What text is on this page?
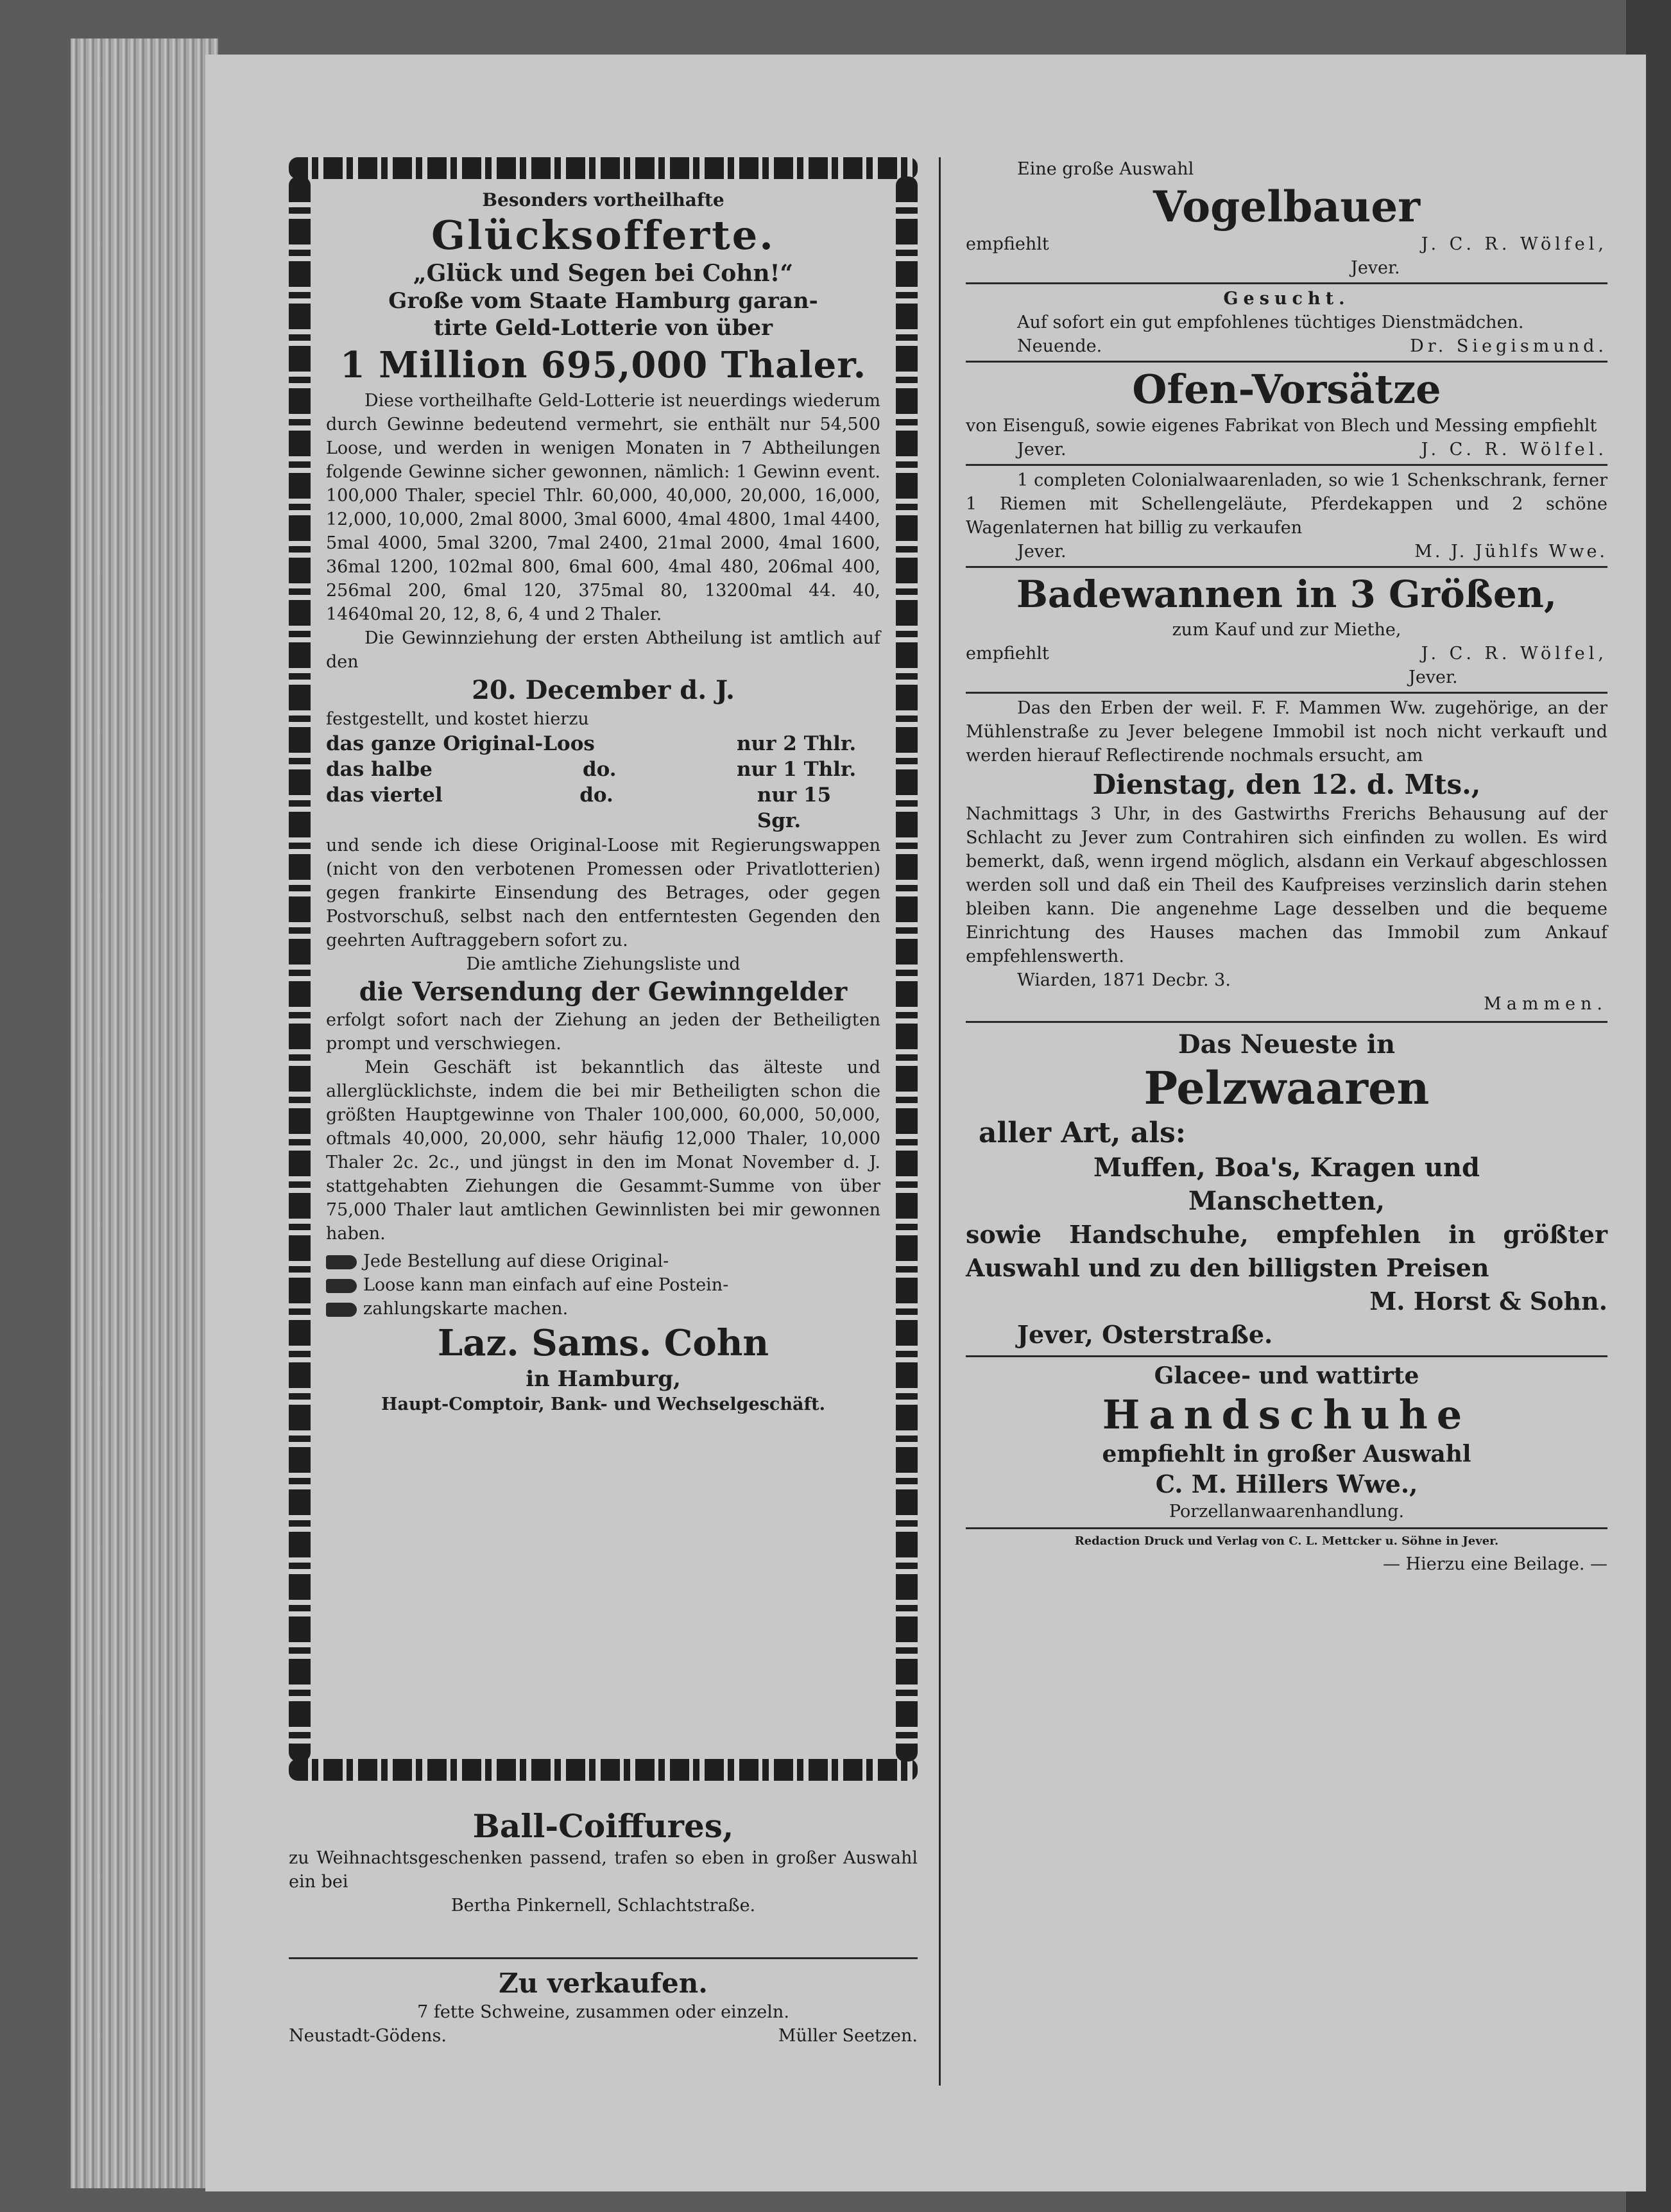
Besonders vortheilhafte

Glücksofferte.

„Glück und Segen bei Cohn!“

Große vom Staate Hamburg garan-

tirte Geld-Lotterie von über

1 Million 695,000 Thaler.

Diese vortheilhafte Geld-Lotterie ist neuerdings wiederum durch Gewinne bedeutend vermehrt, sie enthält nur 54,500 Loose, und werden in wenigen Monaten in 7 Abtheilungen folgende Gewinne sicher gewonnen, nämlich: 1 Gewinn event. 100,000 Thaler, speciel Thlr. 60,000, 40,000, 20,000, 16,000, 12,000, 10,000, 2mal 8000, 3mal 6000, 4mal 4800, 1mal 4400, 5mal 4000, 5mal 3200, 7mal 2400, 21mal 2000, 4mal 1600, 36mal 1200, 102mal 800, 6mal 600, 4mal 480, 206mal 400, 256mal 200, 6mal 120, 375mal 80, 13200mal 44. 40, 14640mal 20, 12, 8, 6, 4 und 2 Thaler.

Die Gewinnziehung der ersten Abtheilung ist amtlich auf den

20. December d. J.

festgestellt, und kostet hierzu

das ganze Original-Loos	nur 2 Thlr.
das halbe	do.	nur 1 Thlr.
das viertel	do.	nur 15 Sgr.

und sende ich diese Original-Loose mit Regierungswappen (nicht von den verbotenen Promessen oder Privatlotterien) gegen frankirte Einsendung des Betrages, oder gegen Postvorschuß, selbst nach den entferntesten Gegenden den geehrten Auftraggebern sofort zu.

Die amtliche Ziehungsliste und

die Versendung der Gewinngelder

erfolgt sofort nach der Ziehung an jeden der Betheiligten prompt und verschwiegen.

Mein Geschäft ist bekanntlich das älteste und allerglücklichste, indem die bei mir Betheiligten schon die größten Hauptgewinne von Thaler 100,000, 60,000, 50,000, oftmals 40,000, 20,000, sehr häufig 12,000 Thaler, 10,000 Thaler 2c. 2c., und jüngst in den im Monat November d. J. stattgehabten Ziehungen die Gesammt-Summe von über 75,000 Thaler laut amtlichen Gewinnlisten bei mir gewonnen haben.

Jede Bestellung auf diese Original-

Loose kann man einfach auf eine Postein-

zahlungskarte machen.

Laz. Sams. Cohn

in Hamburg,

Haupt-Comptoir, Bank- und Wechselgeschäft.

Ball-Coiffures,

zu Weihnachtsgeschenken passend, trafen so eben in großer Auswahl ein bei

Bertha Pinkernell, Schlachtstraße.

Zu verkaufen.

7 fette Schweine, zusammen oder einzeln.

Neustadt-Gödens.	Müller Seetzen.

Eine große Auswahl

Vogelbauer

empfiehlt	J. C. R. Wölfel,

Jever.

Gesucht.

Auf sofort ein gut empfohlenes tüchtiges Dienstmädchen.

Neuende.	Dr. Siegismund.

Ofen-Vorsätze

von Eisenguß, sowie eigenes Fabrikat von Blech und Messing empfiehlt

Jever.	J. C. R. Wölfel.

1 completen Colonialwaarenladen, so wie 1 Schenkschrank, ferner 1 Riemen mit Schellengeläute, Pferdekappen und 2 schöne Wagenlaternen hat billig zu verkaufen

Jever.	M. J. Jühlfs Wwe.

Badewannen in 3 Größen,

zum Kauf und zur Miethe,

empfiehlt	J. C. R. Wölfel,

Jever.

Das den Erben der weil. F. F. Mammen Ww. zugehörige, an der Mühlenstraße zu Jever belegene Immobil ist noch nicht verkauft und werden hierauf Reflectirende nochmals ersucht, am

Dienstag, den 12. d. Mts.,

Nachmittags 3 Uhr, in des Gastwirths Frerichs Behausung auf der Schlacht zu Jever zum Contrahiren sich einfinden zu wollen. Es wird bemerkt, daß, wenn irgend möglich, alsdann ein Verkauf abgeschlossen werden soll und daß ein Theil des Kaufpreises verzinslich darin stehen bleiben kann. Die angenehme Lage desselben und die bequeme Einrichtung des Hauses machen das Immobil zum Ankauf empfehlenswerth.

Wiarden, 1871 Decbr. 3.

Mammen.

Das Neueste in

Pelzwaaren

aller Art, als:

Muffen, Boa's, Kragen und

Manschetten,

sowie Handschuhe, empfehlen in größter Auswahl und zu den billigsten Preisen

M. Horst & Sohn.

Jever, Osterstraße.

Glacee- und wattirte

Handschuhe

empfiehlt in großer Auswahl

C. M. Hillers Wwe.,

Porzellanwaarenhandlung.

Redaction Druck und Verlag von C. L. Mettcker u. Söhne in Jever.

— Hierzu eine Beilage. —
